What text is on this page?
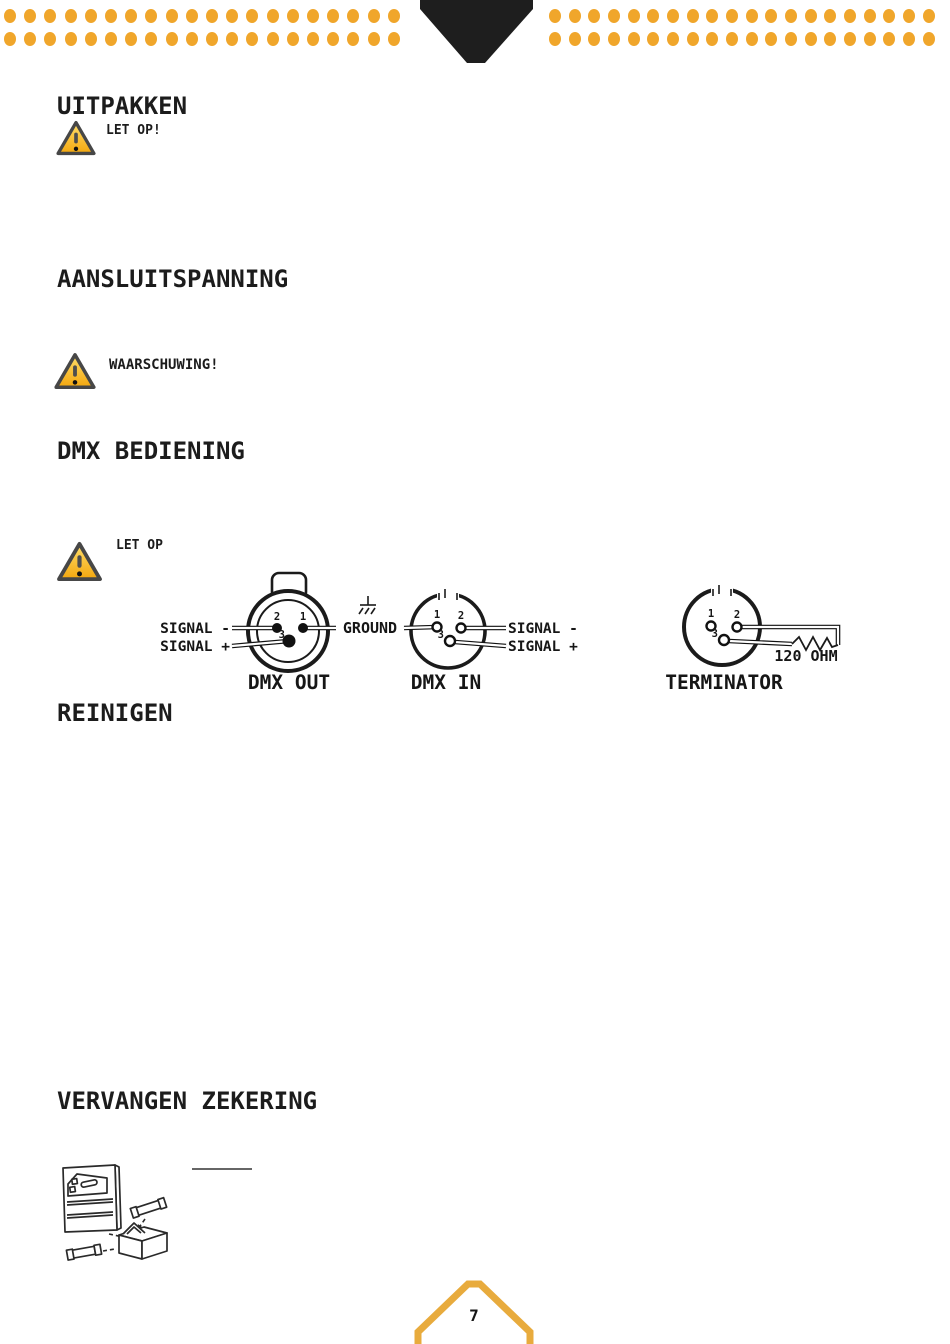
UITPAKKEN
LET OP!
AANSLUITSPANNING
WAARSCHUWING!
DMX BEDIENING
LET OP
SIGNAL -
SIGNAL +
2 1
3	GROUND
1 2
3	SIGNAL -
SIGNAL +
DMX OUT	DMX IN
1 2
3
120 OHM
TERMINATOR
REINIGEN
VERVANGEN ZEKERING
7
